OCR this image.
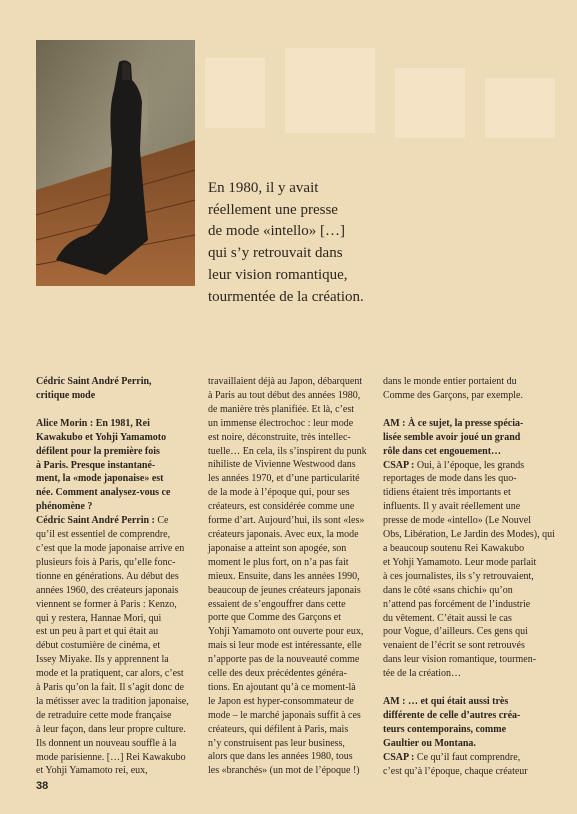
En 1980, il y avait
réellement une presse
de mode «intello» […]
qui s’y retrouvait dans
leur vision romantique,
tourmentée de la création.
Cédric Saint André Perrin,
critique mode
Alice Morin : En 1981, Rei
Kawakubo et Yohji Yamamoto
défilent pour la première fois
à Paris. Presque instantané-
ment, la «mode japonaise» est
née. Comment analysez-vous ce
phénomène ?
Cédric Saint André Perrin : Ce
qu’il est essentiel de comprendre,
c’est que la mode japonaise arrive en
plusieurs fois à Paris, qu’elle fonc-
tionne en générations. Au début des
années 1960, des créateurs japonais
viennent se former à Paris : Kenzo,
qui y restera, Hannae Mori, qui
est un peu à part et qui était au
début costumière de cinéma, et
Issey Miyake. Ils y apprennent la
mode et la pratiquent, car alors, c’est
à Paris qu’on la fait. Il s’agit donc de
la métisser avec la tradition japonaise,
de retraduire cette mode française
à leur façon, dans leur propre culture.
Ils donnent un nouveau souffle à la
mode parisienne. […] Rei Kawakubo
et Yohji Yamamoto rei, eux,
travaillaient déjà au Japon, débarquent
à Paris au tout début des années 1980,
de manière très planifiée. Et là, c’est
un immense électrochoc : leur mode
est noire, déconstruite, très intellec-
tuelle… En cela, ils s’inspirent du punk
nihiliste de Vivienne Westwood dans
les années 1970, et d’une particularité
de la mode à l’époque qui, pour ses
créateurs, est considérée comme une
forme d’art. Aujourd’hui, ils sont «les»
créateurs japonais. Avec eux, la mode
japonaise a atteint son apogée, son
moment le plus fort, on n’a pas fait
mieux. Ensuite, dans les années 1990,
beaucoup de jeunes créateurs japonais
essaient de s’engouffrer dans cette
porte que Comme des Garçons et
Yohji Yamamoto ont ouverte pour eux,
mais si leur mode est intéressante, elle
n’apporte pas de la nouveauté comme
celle des deux précédentes généra-
tions. En ajoutant qu’à ce moment-là
le Japon est hyper-consommateur de
mode – le marché japonais suffit à ces
créateurs, qui défilent à Paris, mais
n’y construisent pas leur business,
alors que dans les années 1980, tous
les «branchés» (un mot de l’époque !)
dans le monde entier portaient du
Comme des Garçons, par exemple.
AM : À ce sujet, la presse spécia-
lisée semble avoir joué un grand
rôle dans cet engouement…
CSAP : Oui, à l’époque, les grands
reportages de mode dans les quo-
tidiens étaient très importants et
influents. Il y avait réellement une
presse de mode «intello» (Le Nouvel
Obs, Libération, Le Jardin des Modes), qui
a beaucoup soutenu Rei Kawakubo
et Yohji Yamamoto. Leur mode parlait
à ces journalistes, ils s’y retrouvaient,
dans le côté «sans chichi» qu’on
n’attend pas forcément de l’industrie
du vêtement. C’était aussi le cas
pour Vogue, d’ailleurs. Ces gens qui
venaient de l’écrit se sont retrouvés
dans leur vision romantique, tourmen-
tée de la création…
AM : … et qui était aussi très
différente de celle d’autres créa-
teurs contemporains, comme
Gaultier ou Montana.
CSAP : Ce qu’il faut comprendre,
c’est qu’à l’époque, chaque créateur
38
